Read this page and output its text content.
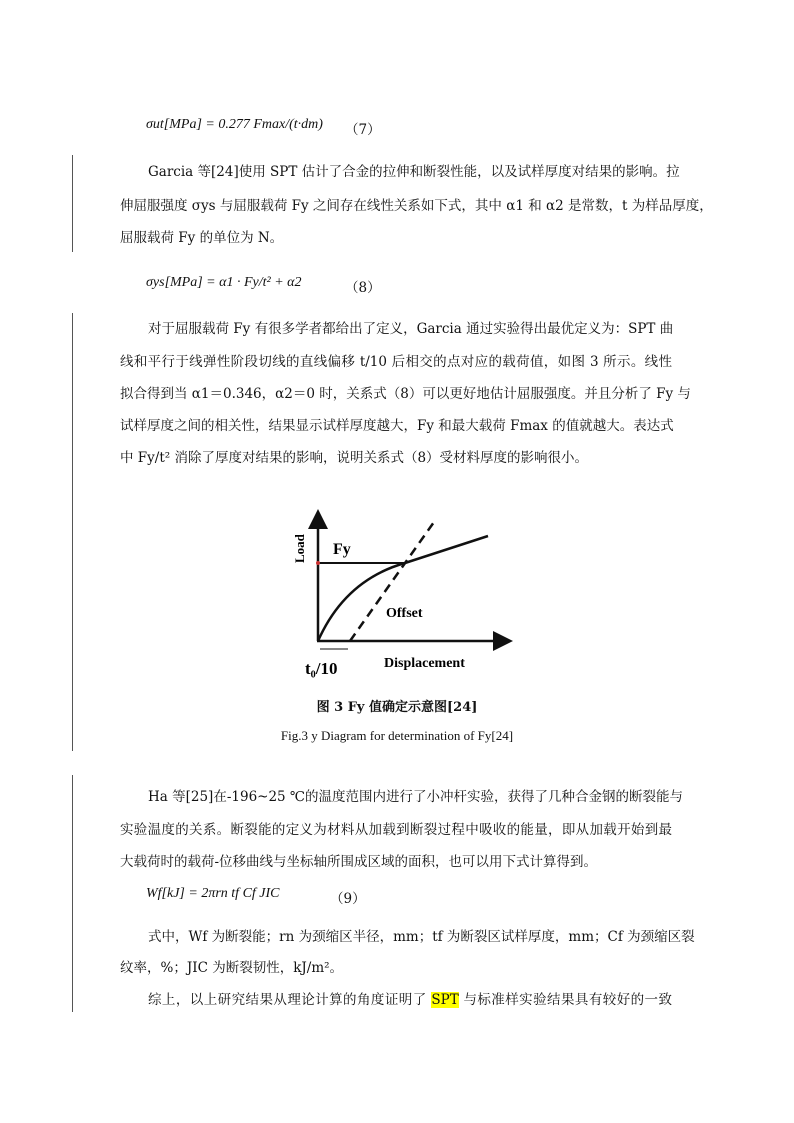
σut[MPa] = 0.277 Fmax/(t·dm) （7）
Garcia 等[24]使用 SPT 估计了合金的拉伸和断裂性能，以及试样厚度对结果的影响。拉
伸屈服强度 σys 与屈服载荷 Fy 之间存在线性关系如下式，其中 α1 和 α2 是常数，t 为样品厚度，
屈服载荷 Fy 的单位为 N。
σys[MPa] = α1 · Fy/t² + α2	（8）
对于屈服载荷 Fy 有很多学者都给出了定义，Garcia 通过实验得出最优定义为：SPT 曲
线和平行于线弹性阶段切线的直线偏移 t/10 后相交的点对应的载荷值，如图 3 所示。线性
拟合得到当 α1＝0.346，α2＝0 时，关系式（8）可以更好地估计屈服强度。并且分析了 Fy 与
试样厚度之间的相关性，结果显示试样厚度越大，Fy 和最大载荷 Fmax 的值就越大。表达式
中 Fy/t² 消除了厚度对结果的影响，说明关系式（8）受材料厚度的影响很小。
Fy
Load
Offset
t₀/10	Displacement
图 3 Fy 值确定示意图[24]
Fig.3 y Diagram for determination of Fy[24]
Ha 等[25]在-196~25 ℃的温度范围内进行了小冲杆实验，获得了几种合金钢的断裂能与
实验温度的关系。断裂能的定义为材料从加载到断裂过程中吸收的能量，即从加载开始到最
大载荷时的载荷-位移曲线与坐标轴所围成区域的面积，也可以用下式计算得到。
Wf[kJ] = 2πrn tf Cf JIC	（9）
式中，Wf 为断裂能；rn 为颈缩区半径，mm；tf 为断裂区试样厚度，mm；Cf 为颈缩区裂
纹率，%；JIC 为断裂韧性，kJ/m²。
综上，以上研究结果从理论计算的角度证明了 SPT 与标准样实验结果具有较好的一致
